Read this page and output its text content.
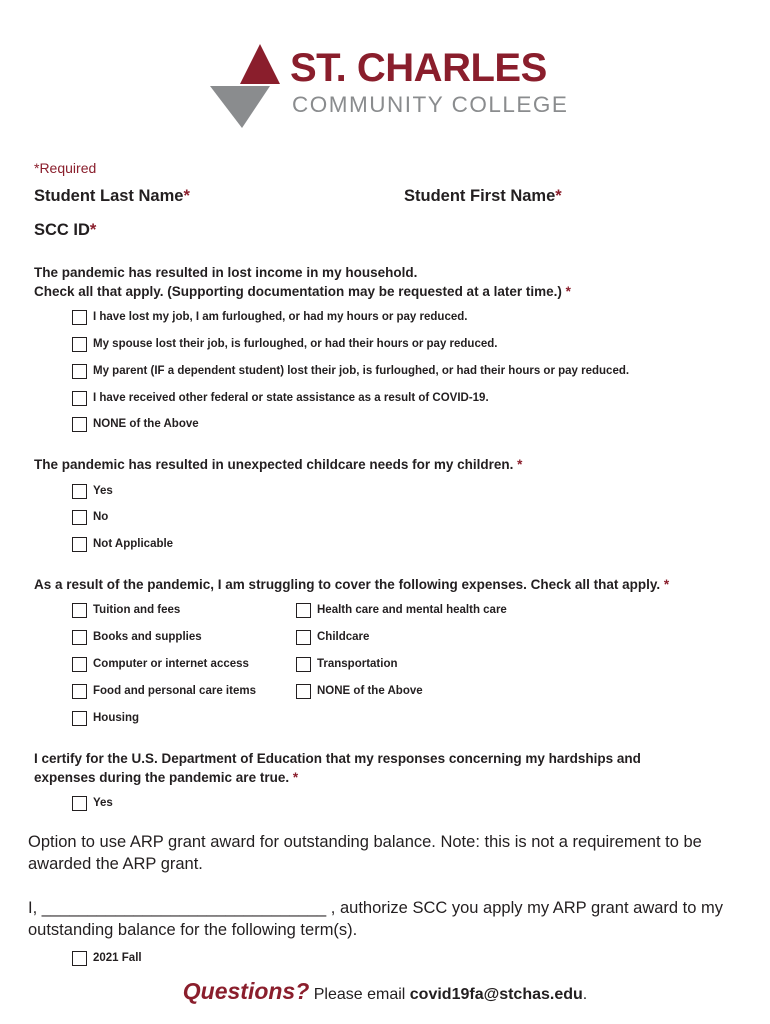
ST. CHARLES
COMMUNITY COLLEGE
*Required
Student Last Name*	Student First Name*
SCC ID*
The pandemic has resulted in lost income in my household.
Check all that apply. (Supporting documentation may be requested at a later time.) *
I have lost my job, I am furloughed, or had my hours or pay reduced.
My spouse lost their job, is furloughed, or had their hours or pay reduced.
My parent (IF a dependent student) lost their job, is furloughed, or had their hours or pay reduced.
I have received other federal or state assistance as a result of COVID-19.
NONE of the Above
The pandemic has resulted in unexpected childcare needs for my children. *
Yes
No
Not Applicable
As a result of the pandemic, I am struggling to cover the following expenses. Check all that apply. *
Tuition and fees
Books and supplies
Computer or internet access
Food and personal care items
Housing
Health care and mental health care
Childcare
Transportation
NONE of the Above
I certify for the U.S. Department of Education that my responses concerning my hardships and
expenses during the pandemic are true. *
Yes
Option to use ARP grant award for outstanding balance. Note: this is not a requirement to be
awarded the ARP grant.
I, _______________________________ , authorize SCC you apply my ARP grant award to my
outstanding balance for the following term(s).
2021 Fall
Questions? Please email covid19fa@stchas.edu.
